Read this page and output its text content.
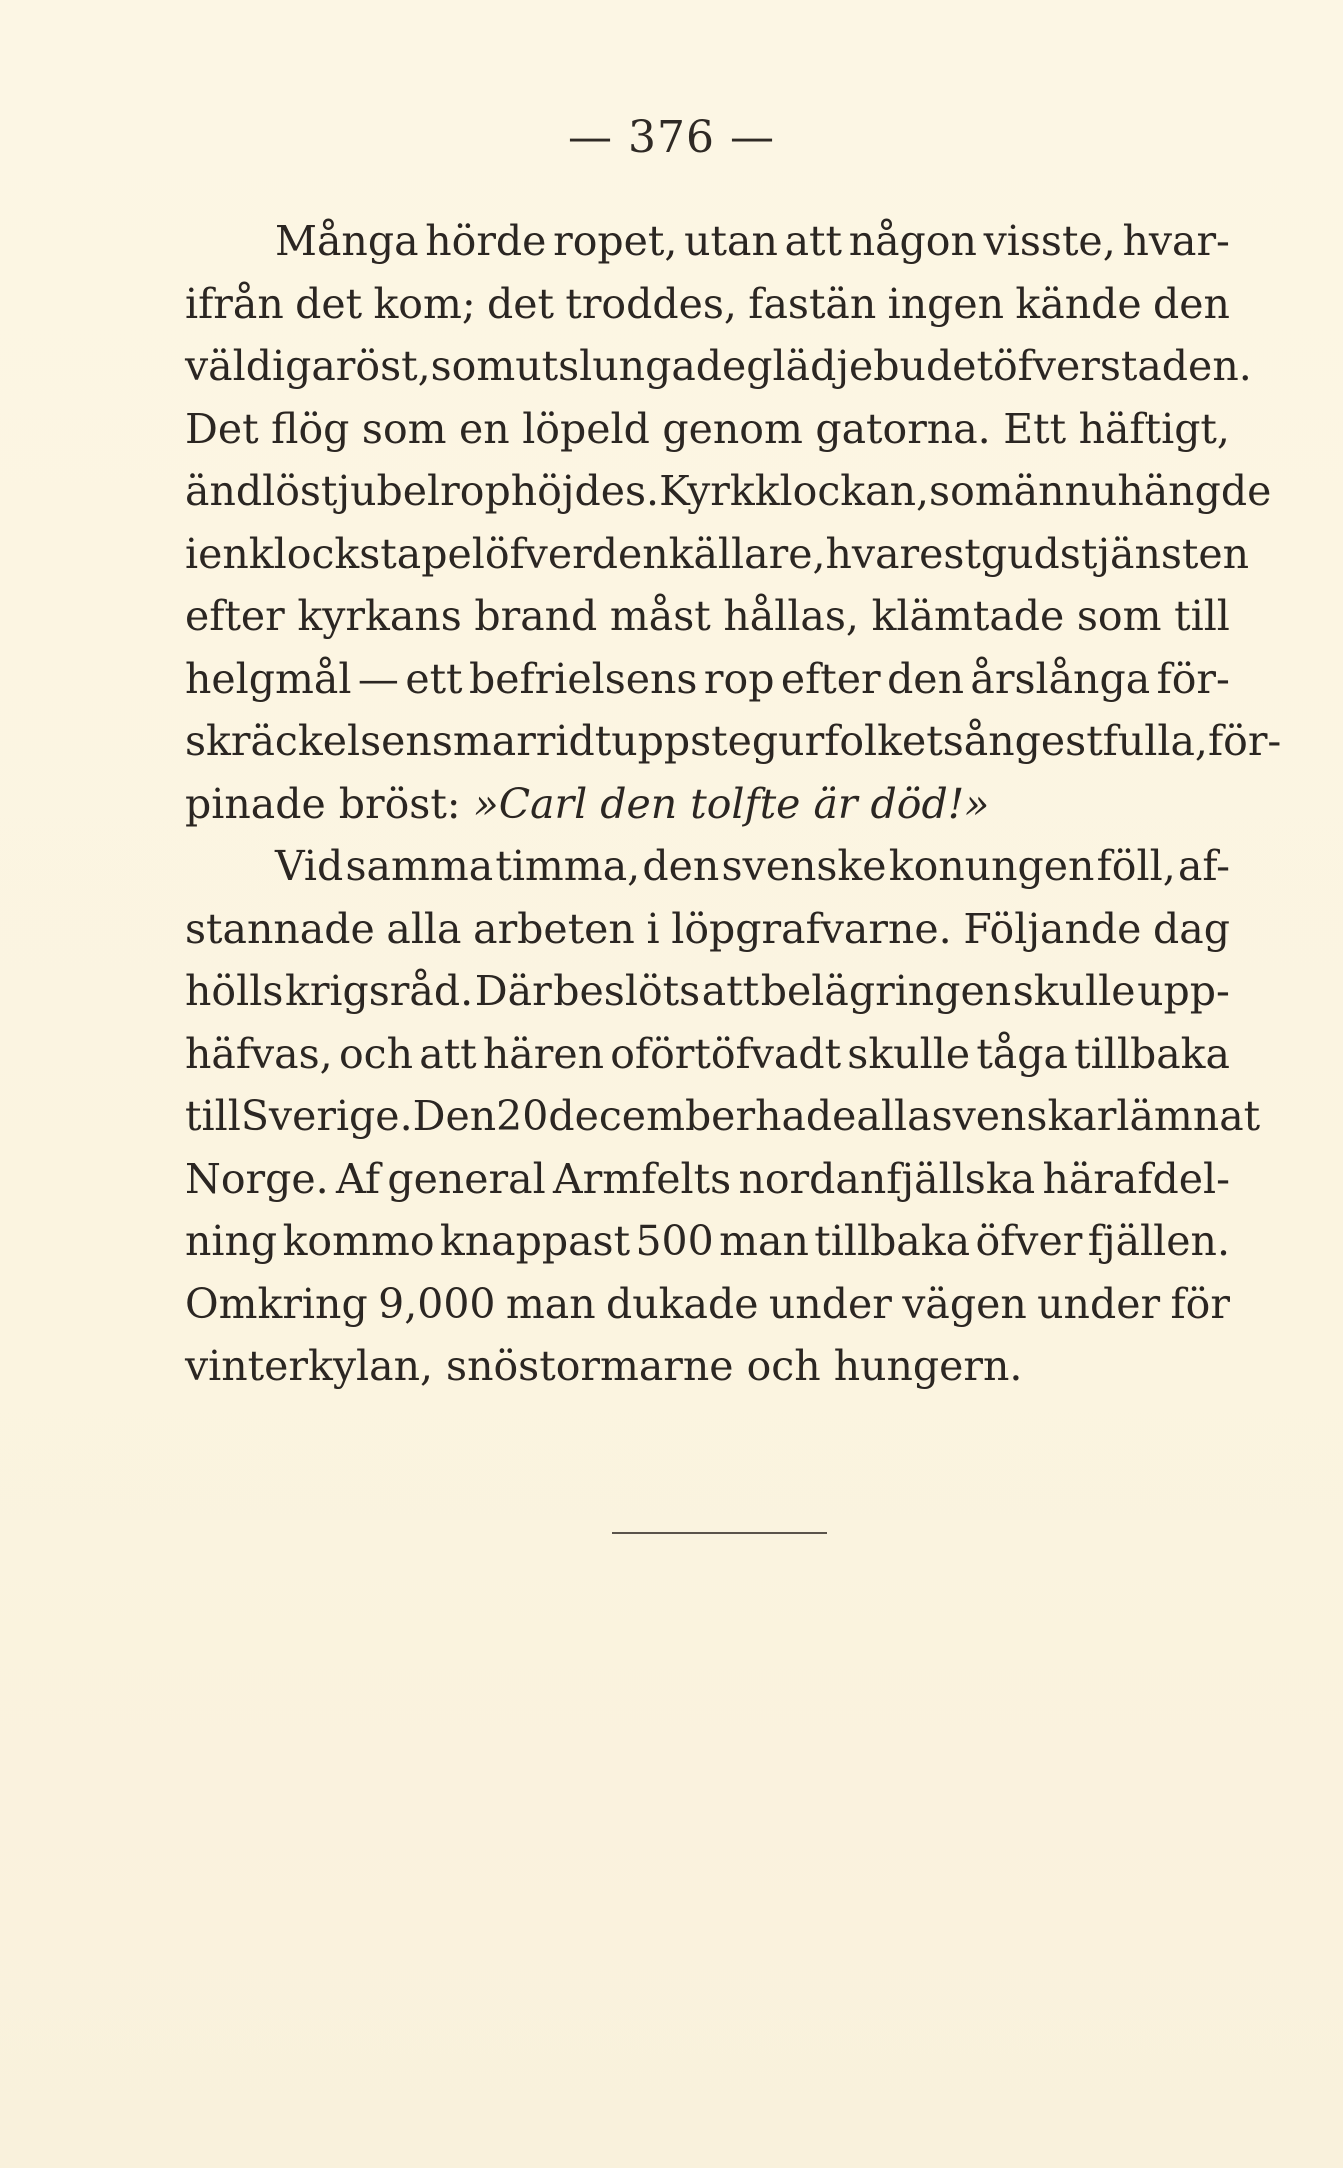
— 376 —
Många hörde ropet, utan att någon visste, hvar-
ifrån det kom; det troddes, fastän ingen kände den
väldiga röst, som utslungade glädjebudet öfver staden.
Det flög som en löpeld genom gatorna. Ett häftigt,
ändlöst jubelrop höjdes. Kyrkklockan, som ännu hängde
i en klockstapel öfver den källare, hvarest gudstjänsten
efter kyrkans brand måst hållas, klämtade som till
helgmål — ett befrielsens rop efter den årslånga för-
skräckelsens marridt uppsteg ur folkets ångestfulla, för-
pinade bröst: »Carl den tolfte är död!»
Vid samma timma, den svenske konungen föll, af-
stannade alla arbeten i löpgrafvarne. Följande dag
hölls krigsråd. Där beslöts att belägringen skulle upp-
häfvas, och att hären oförtöfvadt skulle tåga tillbaka
till Sverige. Den 20 december hade alla svenskar lämnat
Norge. Af general Armfelts nordanfjällska härafdel-
ning kommo knappast 500 man tillbaka öfver fjällen.
Omkring 9,000 man dukade under vägen under för
vinterkylan, snöstormarne och hungern.
